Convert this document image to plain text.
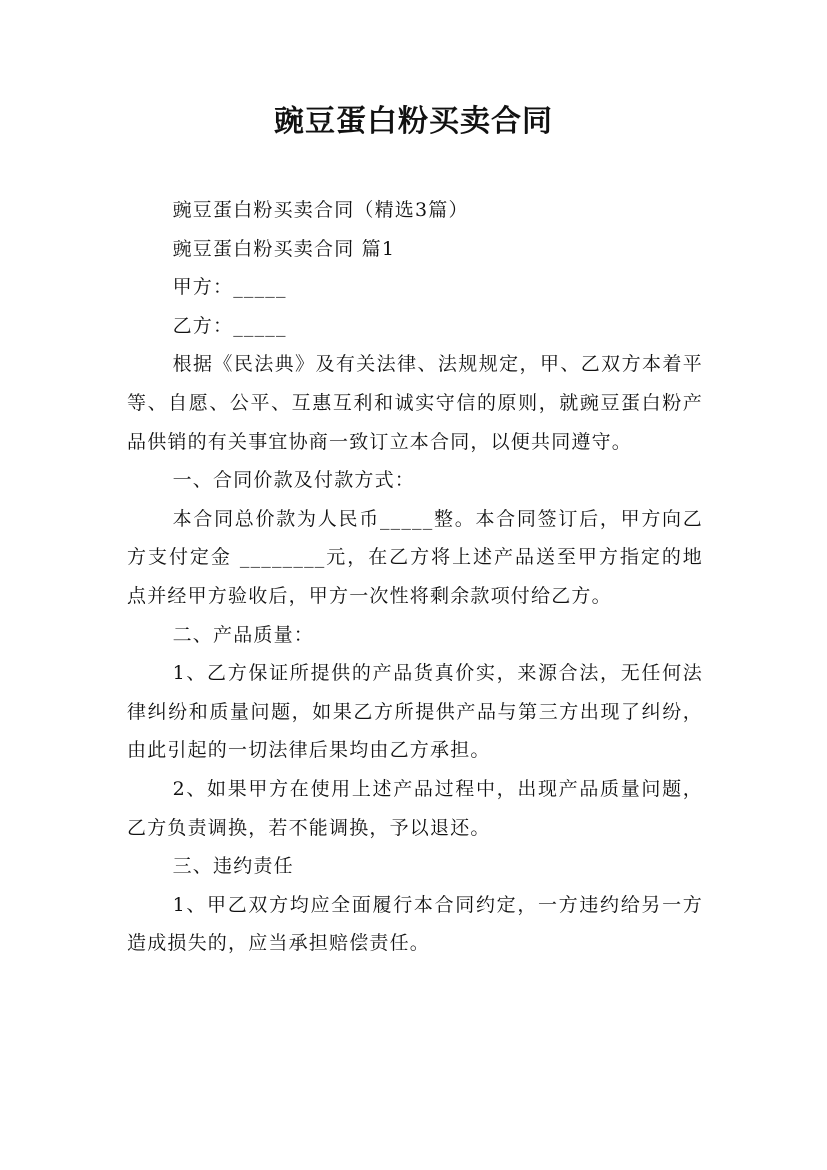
豌豆蛋白粉买卖合同

豌豆蛋白粉买卖合同（精选3篇）

豌豆蛋白粉买卖合同 篇1

甲方：_____

乙方：_____

根据《民法典》及有关法律、法规规定，甲、乙双方本着平等、自愿、公平、互惠互利和诚实守信的原则，就豌豆蛋白粉产品供销的有关事宜协商一致订立本合同，以便共同遵守。

一、合同价款及付款方式：

本合同总价款为人民币_____整。本合同签订后，甲方向乙方支付定金 ________元，在乙方将上述产品送至甲方指定的地点并经甲方验收后，甲方一次性将剩余款项付给乙方。

二、产品质量：

1、乙方保证所提供的产品货真价实，来源合法，无任何法律纠纷和质量问题，如果乙方所提供产品与第三方出现了纠纷，由此引起的一切法律后果均由乙方承担。

2、如果甲方在使用上述产品过程中，出现产品质量问题，乙方负责调换，若不能调换，予以退还。

三、违约责任

1、甲乙双方均应全面履行本合同约定，一方违约给另一方造成损失的，应当承担赔偿责任。
